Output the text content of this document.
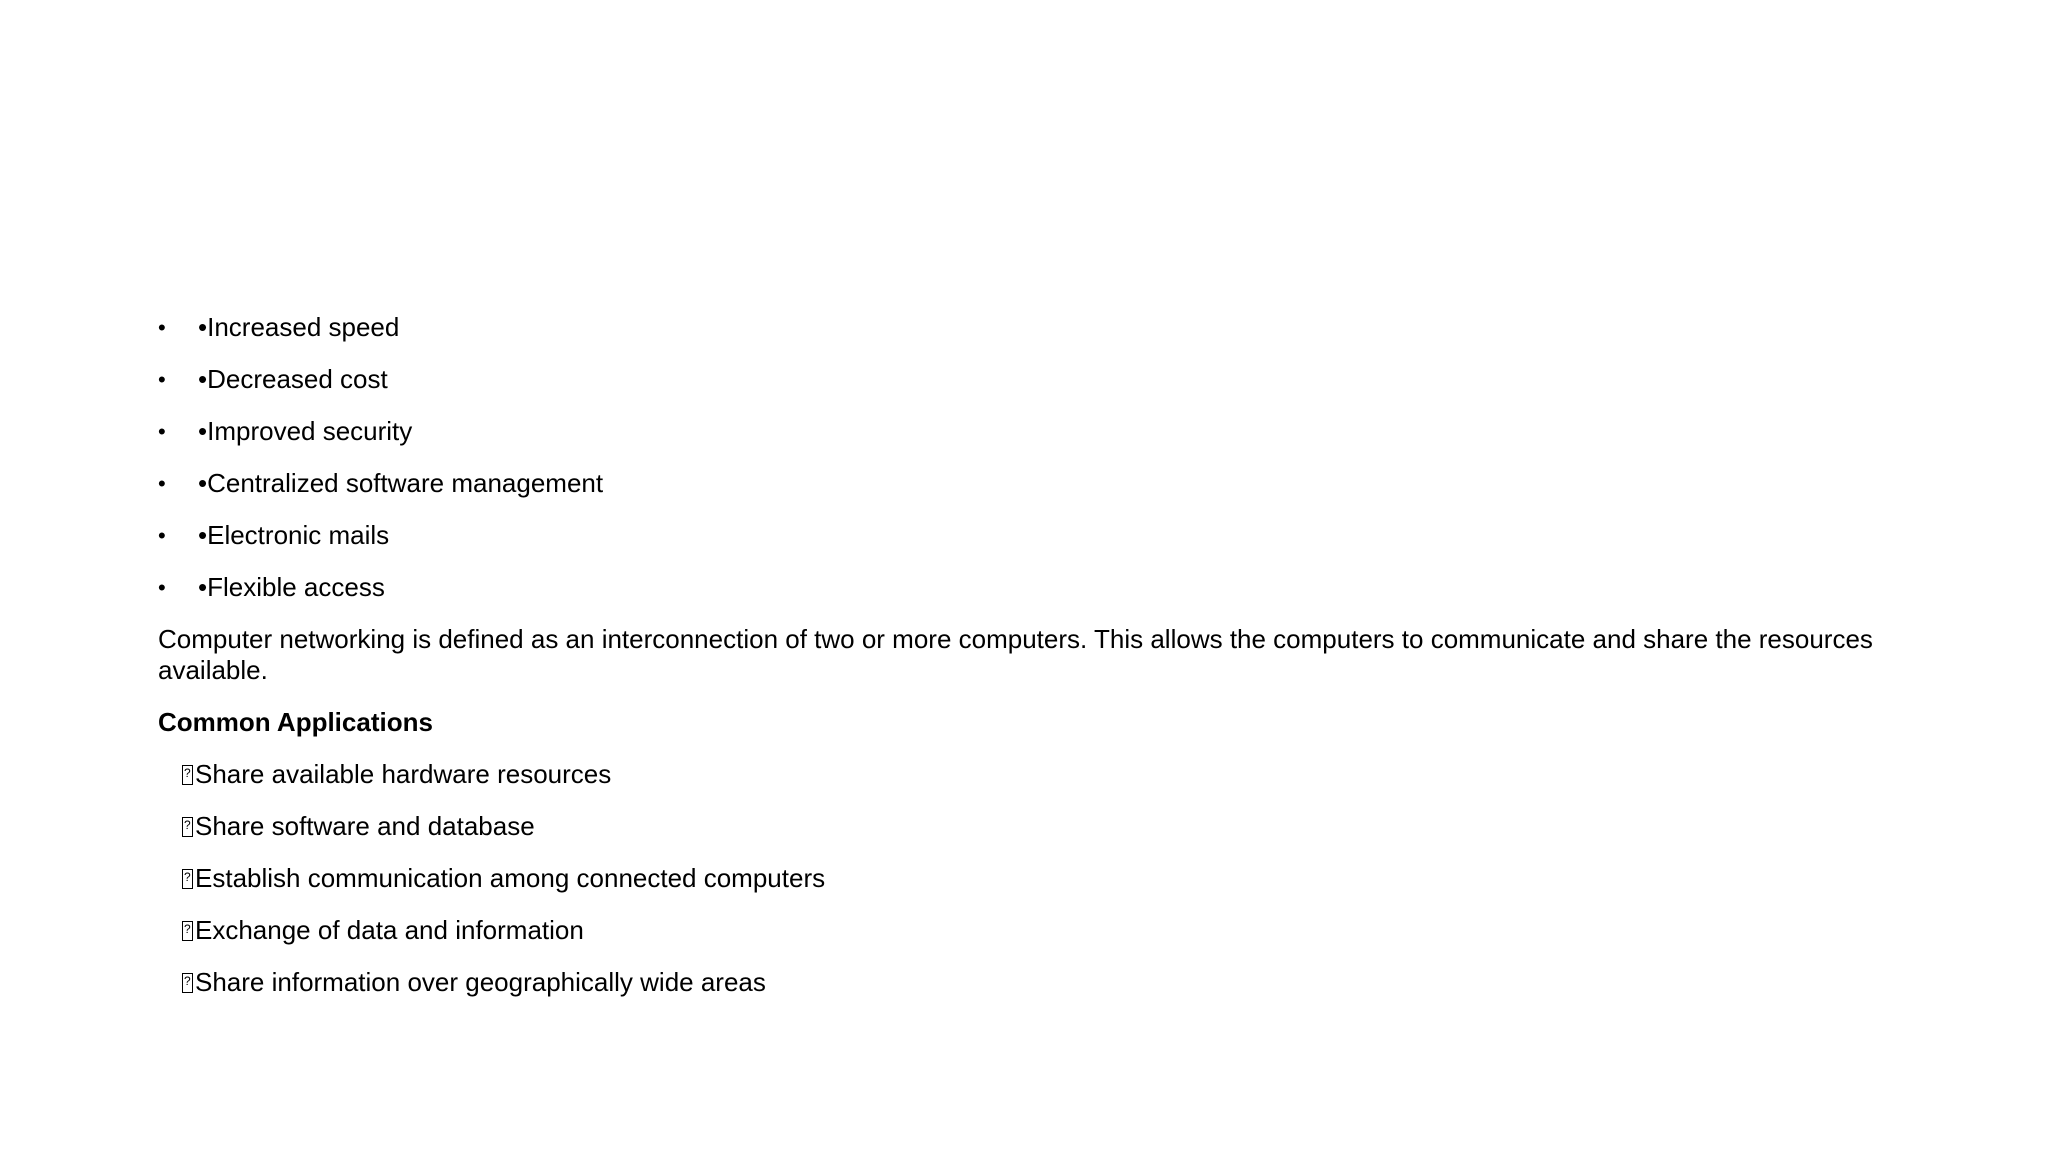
•	•Increased speed
•	•Decreased cost
•	•Improved security
•	•Centralized software management
•	•Electronic mails
•	•Flexible access

Computer networking is defined as an interconnection of two or more computers. This allows the computers to communicate and share the resources available.

Common Applications

?
Share available hardware resources
?
Share software and database
?
Establish communication among connected computers
?
Exchange of data and information
?
Share information over geographically wide areas
